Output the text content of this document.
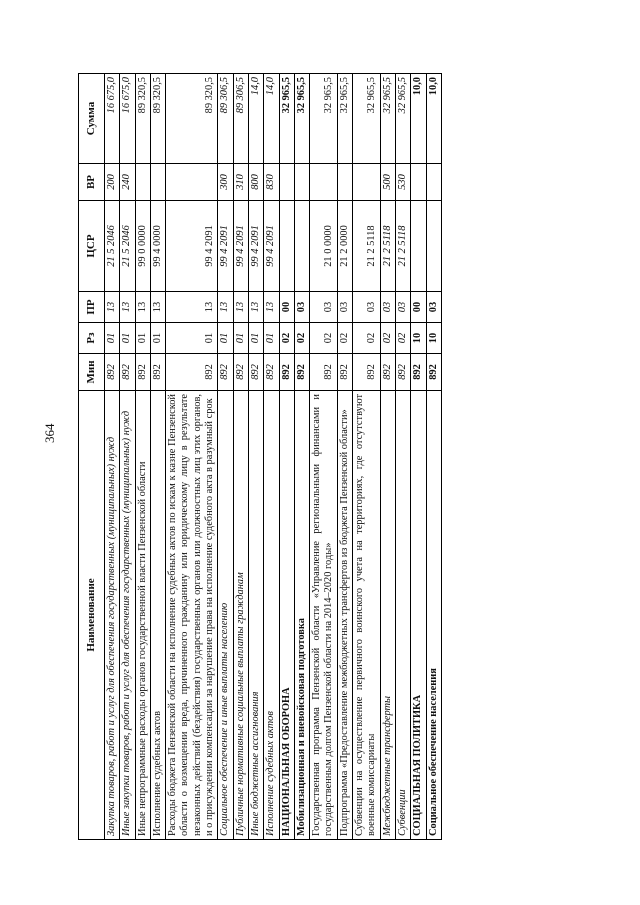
364
Наименование	Мин	Рз	ПР	ЦСР	ВР	Сумма
Закупка товаров, работ и услуг для обеспечения государственных (муниципальных) нужд	892	01	13	21 5 2046	200	16 675,0
Иные закупки товаров, работ и услуг для обеспечения государственных (муниципальных) нужд	892	01	13	21 5 2046	240	16 675,0
Иные непрограммные расходы органов государственной власти Пензенской области	892	01	13	99 0 0000		89 320,5
Исполнение судебных актов	892	01	13	99 4 0000		89 320,5
Расходы бюджета Пензенской области на исполнение судебных актов по искам к казне Пензенской области о возмещении вреда, причиненного гражданину или юридическому лицу в результате незаконных действий (бездействия) государственных органов или должностных лиц этих органов, и о присуждении компенсации за нарушение права на исполнение судебного акта в разумный срок	892	01	13	99 4 2091		89 320,5
Социальное обеспечение и иные выплаты населению	892	01	13	99 4 2091	300	89 306,5
Публичные нормативные социальные выплаты гражданам	892	01	13	99 4 2091	310	89 306,5
Иные бюджетные ассигнования	892	01	13	99 4 2091	800	14,0
Исполнение судебных актов	892	01	13	99 4 2091	830	14,0
НАЦИОНАЛЬНАЯ ОБОРОНА	892	02	00			32 965,5
Мобилизационная и вневойсковая подготовка	892	02	03			32 965,5
Государственная программа Пензенской области «Управление региональными финансами и государственным долгом Пензенской области на 2014–2020 годы»	892	02	03	21 0 0000		32 965,5
Подпрограмма «Предоставление межбюджетных трансфертов из бюджета Пензенской области»	892	02	03	21 2 0000		32 965,5
Субвенции на осуществление первичного воинского учета на территориях, где отсутствуют военные комиссариаты	892	02	03	21 2 5118		32 965,5
Межбюджетные трансферты	892	02	03	21 2 5118	500	32 965,5
Субвенции	892	02	03	21 2 5118	530	32 965,5
СОЦИАЛЬНАЯ ПОЛИТИКА	892	10	00			10,0
Социальное обеспечение населения	892	10	03			10,0
